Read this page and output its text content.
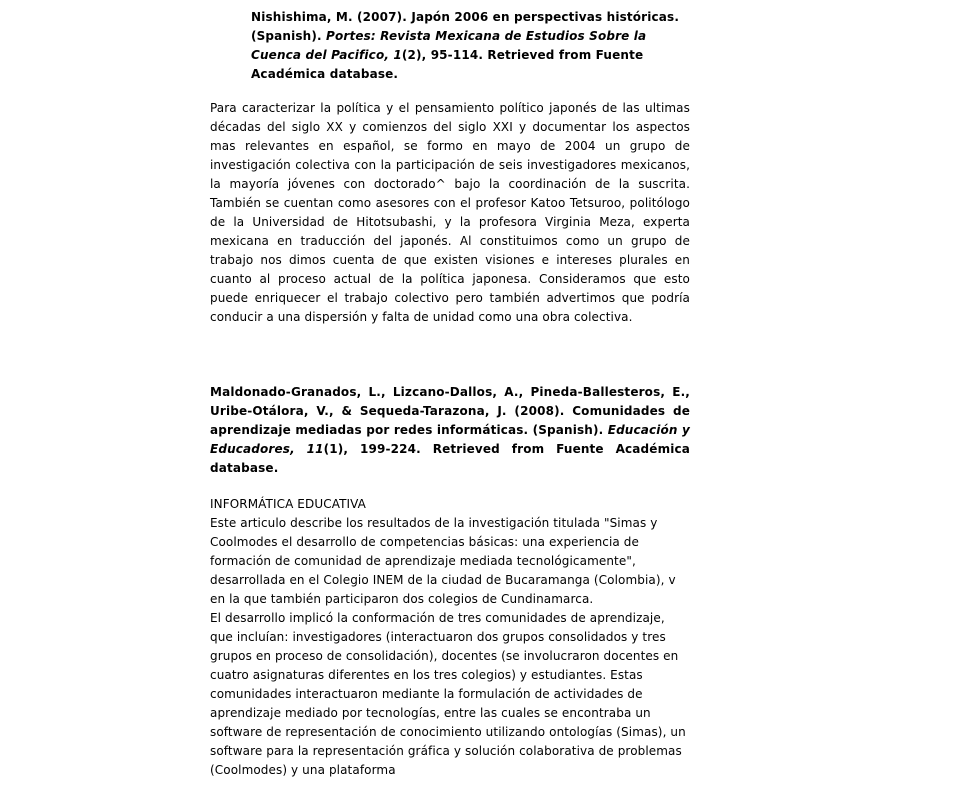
Nishishima, M. (2007). Japón 2006 en perspectivas históricas. (Spanish). Portes: Revista Mexicana de Estudios Sobre la Cuenca del Pacifico, 1(2), 95-114. Retrieved from Fuente Académica database.
Para caracterizar la política y el pensamiento político japonés de las ultimas décadas del siglo XX y comienzos del siglo XXI y documentar los aspectos mas relevantes en español, se formo en mayo de 2004 un grupo de investigación colectiva con la participación de seis investigadores mexicanos, la mayoría jóvenes con doctorado^ bajo la coordinación de la suscrita. También se cuentan como asesores con el profesor Katoo Tetsuroo, politólogo de la Universidad de Hitotsubashi, y la profesora Virginia Meza, experta mexicana en traducción del japonés. Al constituimos como un grupo de trabajo nos dimos cuenta de que existen visiones e intereses plurales en cuanto al proceso actual de la política japonesa. Consideramos que esto puede enriquecer el trabajo colectivo pero también advertimos que podría conducir a una dispersión y falta de unidad como una obra colectiva.
Maldonado-Granados, L., Lizcano-Dallos, A., Pineda-Ballesteros, E., Uribe-Otálora, V., & Sequeda-Tarazona, J. (2008). Comunidades de aprendizaje mediadas por redes informáticas. (Spanish). Educación y Educadores, 11(1), 199-224. Retrieved from Fuente Académica database.

INFORMÁTICA EDUCATIVA

Este articulo describe los resultados de la investigación titulada "Simas y Coolmodes el desarrollo de competencias básicas: una experiencia de formación de comunidad de aprendizaje mediada tecnológicamente", desarrollada en el Colegio INEM de la ciudad de Bucaramanga (Colombia), v en la que también participaron dos colegios de Cundinamarca.

El desarrollo implicó la conformación de tres comunidades de aprendizaje, que incluían: investigadores (interactuaron dos grupos consolidados y tres grupos en proceso de consolidación), docentes (se involucraron docentes en cuatro asignaturas diferentes en los tres colegios) y estudiantes. Estas comunidades interactuaron mediante la formulación de actividades de aprendizaje mediado por tecnologías, entre las cuales se encontraba un software de representación de conocimiento utilizando ontologías (Simas), un software para la representación gráfica y solución colaborativa de problemas (Coolmodes) y una plataforma
